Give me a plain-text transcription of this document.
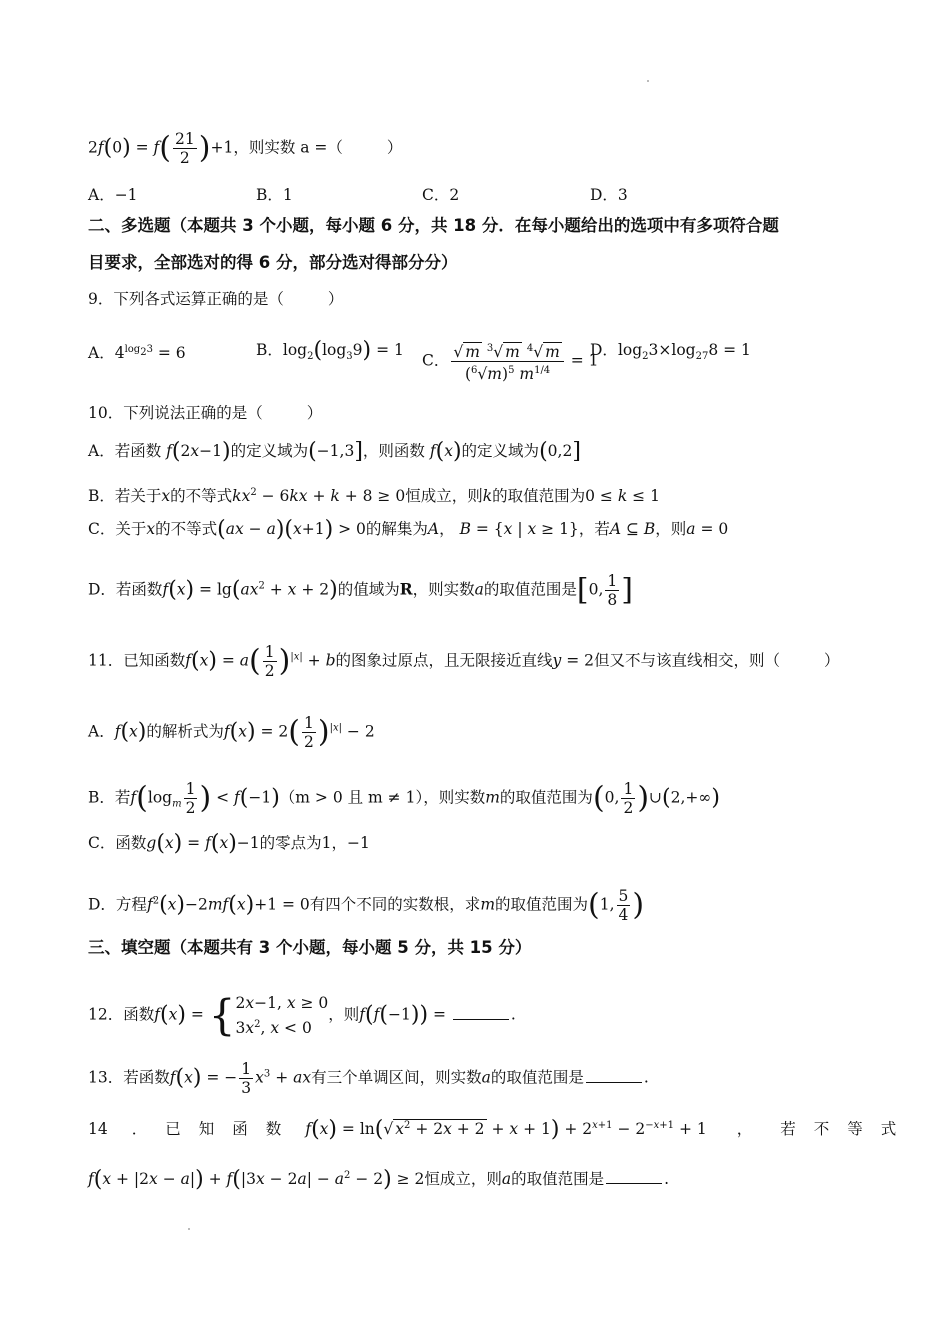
$2f(0) = f( \frac{21}{2} )+1$，则实数 a =（	）
A．−1	B．1	C．2	D．3
二、多选题（本题共 3 个小题，每小题 6 分，共 18 分．在每小题给出的选项中有多项符合题
目要求，全部选对的得 6 分，部分选对得部分分）
9．下列各式运算正确的是（	）
A．$4^{log_23} = 6$	B．$\log_2(\log_39) = 1$
C． $\frac{√ m ^3√ m ^4√ m}{(^6√m)^5 m^{1/4}} = 1$
D．$\log_23\times\log_{27}8 = 1$
10．下列说法正确的是（	）
A．若函数 f(2x−1)的定义域为(−1,3]，则函数 f(x)的定义域为(0,2]
B．若关于x的不等式$kx^2 - 6kx + k + 8 \ge 0$恒成立，则k的取值范围为0 ≤ k ≤ 1
C．关于x的不等式(ax − a)(x+1) > 0的解集为A， B = {x | x ≥ 1}，若A ⊆ B，则a = 0
D．若函数$f(x) = \lg(ax^2 + x + 2)$的值域为R，则实数a的取值范围是[0, $\frac{1}{8}$ ]
11．已知函数$f(x) = a( \frac{1}{2} )^{|x|} + b$的图象过原点，且无限接近直线y = 2但又不与该直线相交，则（	）
A．f(x)的解析式为$f(x) = 2( \frac{1}{2} )^{|x|} - 2$
B．若$f(\log_m \frac{1}{2}$ ) < f(−1)（m > 0 且 m ≠ 1），则实数m的取值范围为(0, $\frac{1}{2}$ )∪(2,+∞)
C．函数g(x) = f(x)−1的零点为1，−1
D．方程$f^2(x)-2mf(x)+1 = 0$有四个不同的实数根，求m的取值范围为(1, $\frac{5}{4}$ )
三、填空题（本题共有 3 个小题，每小题 5 分，共 15 分）
12．函数f(x) = {2x−1, x ≥ 0
$3x^2$, x < 0，则f(f(−1)) =	.
13．若函数f(x) = − $\frac{1}{3} x^3$ + ax有三个单调区间，则实数a的取值范围是	.
14 ． 已 知 函 数 f(x) = ln(√ $x^2 + 2x + 2 + x + 1) + 2^{x+1} - 2^{-x+1} + 1$ ， 若 不 等 式
$f(x + |2x - a|) + f(|3x - 2a| - a^2 - 2) \ge 2$恒成立，则a的取值范围是	.
